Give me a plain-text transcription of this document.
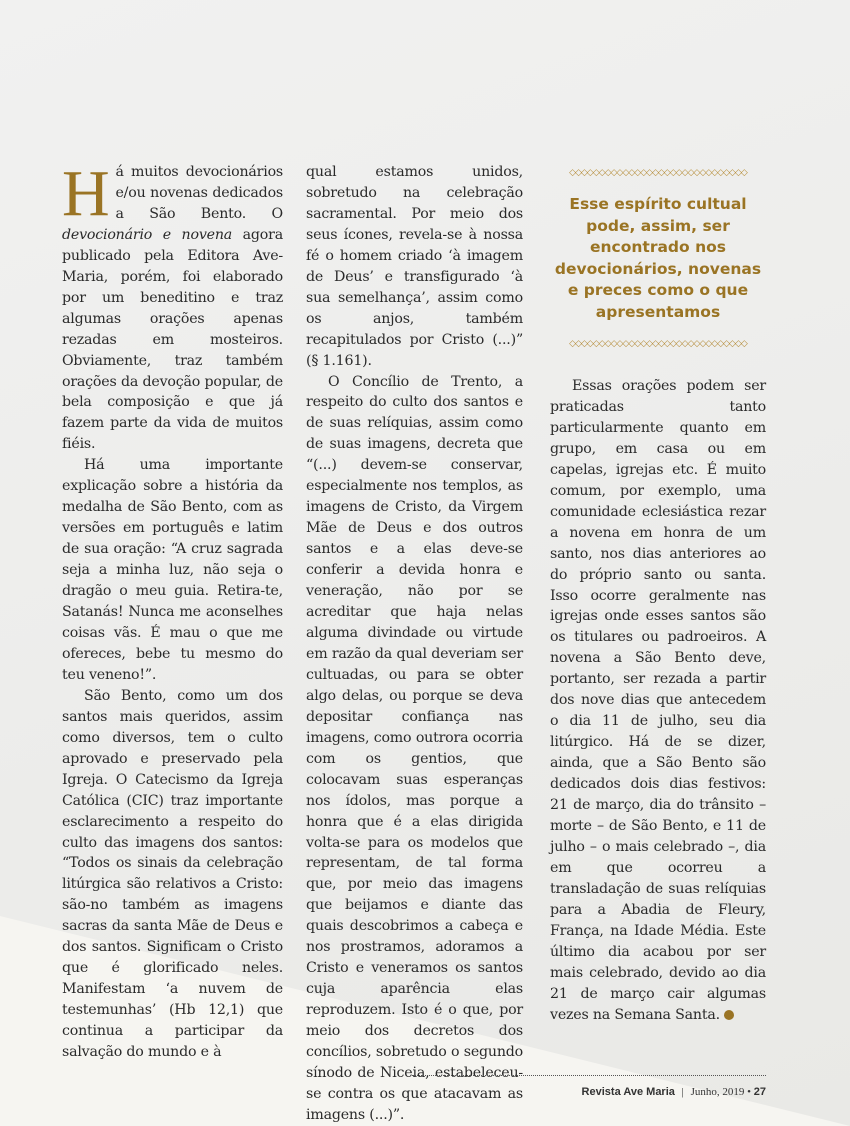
Há muitos devocionários e/ou novenas dedicados a São Bento. O devocionário e novena agora publicado pela Editora Ave-Maria, porém, foi elaborado por um beneditino e traz algumas orações apenas rezadas em mosteiros. Obviamente, traz também orações da devoção popular, de bela composição e que já fazem parte da vida de muitos fiéis.

Há uma importante explicação sobre a história da medalha de São Bento, com as versões em português e latim de sua oração: “A cruz sagrada seja a minha luz, não seja o dragão o meu guia. Retira-te, Satanás! Nunca me aconselhes coisas vãs. É mau o que me ofereces, bebe tu mesmo do teu veneno!”.

São Bento, como um dos santos mais queridos, assim como diversos, tem o culto aprovado e preservado pela Igreja. O Catecismo da Igreja Católica (CIC) traz importante esclarecimento a respeito do culto das imagens dos santos: “Todos os sinais da celebração litúrgica são relativos a Cristo: são-no também as imagens sacras da santa Mãe de Deus e dos santos. Significam o Cristo que é glorificado neles. Manifestam ‘a nuvem de testemunhas’ (Hb 12,1) que continua a participar da salvação do mundo e à

qual estamos unidos, sobretudo na celebração sacramental. Por meio dos seus ícones, revela-se à nossa fé o homem criado ‘à imagem de Deus’ e transfigurado ‘à sua semelhança’, assim como os anjos, também recapitulados por Cristo (...)” (§ 1.161).

O Concílio de Trento, a respeito do culto dos santos e de suas relíquias, assim como de suas imagens, decreta que “(...) devem-se conservar, especialmente nos templos, as imagens de Cristo, da Virgem Mãe de Deus e dos outros santos e a elas deve-se conferir a devida honra e veneração, não por se acreditar que haja nelas alguma divindade ou virtude em razão da qual deveriam ser cultuadas, ou para se obter algo delas, ou porque se deva depositar confiança nas imagens, como outrora ocorria com os gentios, que colocavam suas esperanças nos ídolos, mas porque a honra que é a elas dirigida volta-se para os modelos que representam, de tal forma que, por meio das imagens que beijamos e diante das quais descobrimos a cabeça e nos prostramos, adoramos a Cristo e veneramos os santos cuja aparência elas reproduzem. Isto é o que, por meio dos decretos dos concílios, sobretudo o segundo sínodo de Niceia, estabeleceu-se contra os que atacavam as imagens (...)”.

◇◇◇◇◇◇◇◇◇◇◇◇◇◇◇◇◇◇◇◇◇◇◇◇◇◇◇◇◇◇
Esse espírito cultual pode, assim, ser encontrado nos devocionários, novenas e preces como o que apresentamos
◇◇◇◇◇◇◇◇◇◇◇◇◇◇◇◇◇◇◇◇◇◇◇◇◇◇◇◇◇◇

Essas orações podem ser praticadas tanto particularmente quanto em grupo, em casa ou em capelas, igrejas etc. É muito comum, por exemplo, uma comunidade eclesiástica rezar a novena em honra de um santo, nos dias anteriores ao do próprio santo ou santa. Isso ocorre geralmente nas igrejas onde esses santos são os titulares ou padroeiros. A novena a São Bento deve, portanto, ser rezada a partir dos nove dias que antecedem o dia 11 de julho, seu dia litúrgico. Há de se dizer, ainda, que a São Bento são dedicados dois dias festivos: 21 de março, dia do trânsito – morte – de São Bento, e 11 de julho – o mais celebrado –, dia em que ocorreu a transladação de suas relíquias para a Abadia de Fleury, França, na Idade Média. Este último dia acabou por ser mais celebrado, devido ao dia 21 de março cair algumas vezes na Semana Santa.

Revista Ave Maria | Junho, 2019 • 27
